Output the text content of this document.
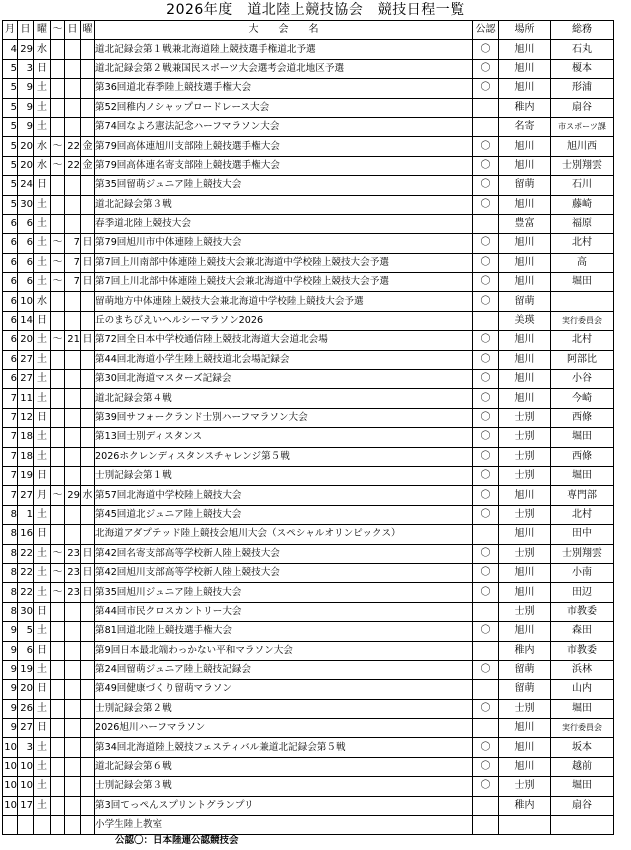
2026年度　道北陸上競技協会　競技日程一覧
月	日	曜	～	日	曜	大　　会　　名	公認	場所	総務
4	29	水				道北記録会第１戦兼北海道陸上競技選手権道北予選	〇	旭川	石丸
5	3	日				道北記録会第２戦兼国民スポーツ大会選考会道北地区予選	〇	旭川	榎本
5	9	土				第36回道北春季陸上競技選手権大会	〇	旭川	形浦
5	9	土				第52回稚内ノシャップロードレース大会		稚内	扇谷
5	9	土				第74回なよろ憲法記念ハーフマラソン大会		名寄	市スポーツ課
5	20	水	～	22	金	第79回高体連旭川支部陸上競技選手権大会	〇	旭川	旭川西
5	20	水	～	22	金	第79回高体連名寄支部陸上競技選手権大会	〇	旭川	士別翔雲
5	24	日				第35回留萌ジュニア陸上競技大会	〇	留萌	石川
5	30	土				道北記録会第３戦	〇	旭川	藤崎
6	6	土				春季道北陸上競技大会		豊富	福原
6	6	土	～	7	日	第79回旭川市中体連陸上競技大会	〇	旭川	北村
6	6	土	～	7	日	第7回上川南部中体連陸上競技大会兼北海道中学校陸上競技大会予選	〇	旭川	高
6	6	土	～	7	日	第7回上川北部中体連陸上競技大会兼北海道中学校陸上競技大会予選	〇	旭川	堀田
6	10	水				留萌地方中体連陸上競技大会兼北海道中学校陸上競技大会予選	〇	留萌	
6	14	日				丘のまちびえいヘルシーマラソン2026		美瑛	実行委員会
6	20	土	～	21	日	第72回全日本中学校通信陸上競技北海道大会道北会場	〇	旭川	北村
6	27	土				第44回北海道小学生陸上競技道北会場記録会	〇	旭川	阿部比
6	27	土				第30回北海道マスターズ記録会	〇	旭川	小谷
7	11	土				道北記録会第４戦	〇	旭川	今崎
7	12	日				第39回サフォークランド士別ハーフマラソン大会	〇	士別	西條
7	18	土				第13回士別ディスタンス	〇	士別	堀田
7	18	土				2026ホクレンディスタンスチャレンジ第５戦	〇	士別	西條
7	19	日				士別記録会第１戦	〇	士別	堀田
7	27	月	～	29	水	第57回北海道中学校陸上競技大会	〇	旭川	専門部
8	1	土				第45回道北ジュニア陸上競技大会	〇	士別	北村
8	16	日				北海道アダプテッド陸上競技会旭川大会（スペシャルオリンピックス）		旭川	田中
8	22	土	～	23	日	第42回名寄支部高等学校新人陸上競技大会	〇	士別	士別翔雲
8	22	土	～	23	日	第42回旭川支部高等学校新人陸上競技大会	〇	旭川	小南
8	22	土	～	23	日	第35回旭川ジュニア陸上競技大会	〇	旭川	田辺
8	30	日				第44回市民クロスカントリー大会		士別	市教委
9	5	土				第81回道北陸上競技選手権大会	〇	旭川	森田
9	6	日				第9回日本最北端わっかない平和マラソン大会		稚内	市教委
9	19	土				第24回留萌ジュニア陸上競技記録会	〇	留萌	浜林
9	20	日				第49回健康づくり留萌マラソン		留萌	山内
9	26	土				士別記録会第２戦	〇	士別	堀田
9	27	日				2026旭川ハーフマラソン		旭川	実行委員会
10	3	土				第34回北海道陸上競技フェスティバル兼道北記録会第５戦	〇	旭川	坂本
10	10	土				道北記録会第６戦	〇	旭川	越前
10	10	土				士別記録会第３戦	〇	士別	堀田
10	17	土				第3回てっぺんスプリントグランプリ		稚内	扇谷
						小学生陸上教室			
公認〇：日本陸連公認競技会
